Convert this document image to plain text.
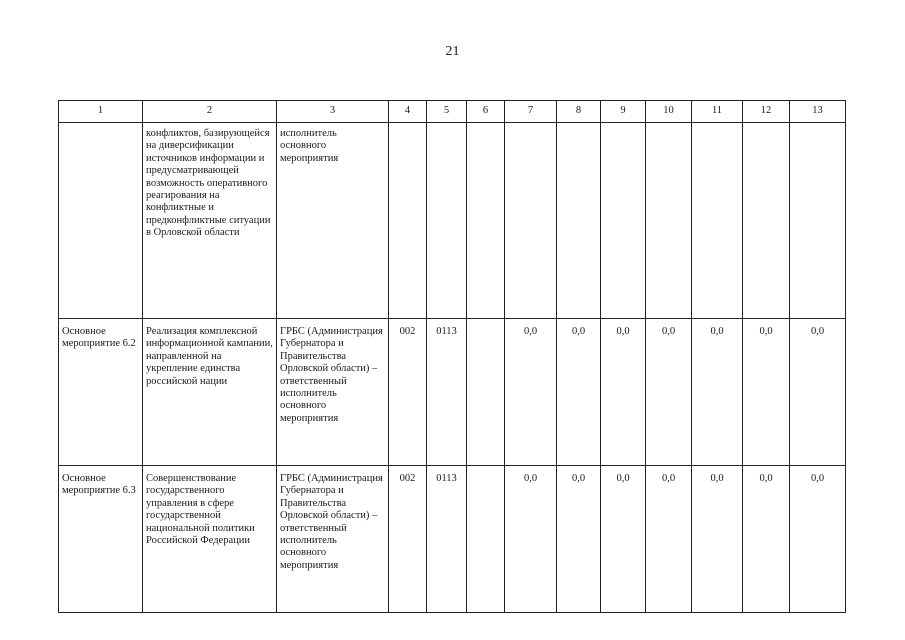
21
1	2	3	4	5	6	7	8	9	10	11	12	13
	конфликтов, базирующейся на диверсификации источников информации и предусматривающей возможность оперативного реагирования на конфликтные и предконфликтные ситуации в Орловской области	исполнитель основного мероприятия										
Основное мероприятие 6.2	Реализация комплексной информационной кампании, направленной на укрепление единства российской нации	ГРБС (Администрация Губернатора и Правительства Орловской области) – ответственный исполнитель основного мероприятия	002	0113		0,0	0,0	0,0	0,0	0,0	0,0	0,0
Основное мероприятие 6.3	Совершенствование государственного управления в сфере государственной национальной политики Российской Федерации	ГРБС (Администрация Губернатора и Правительства Орловской области) – ответственный исполнитель основного мероприятия	002	0113		0,0	0,0	0,0	0,0	0,0	0,0	0,0
